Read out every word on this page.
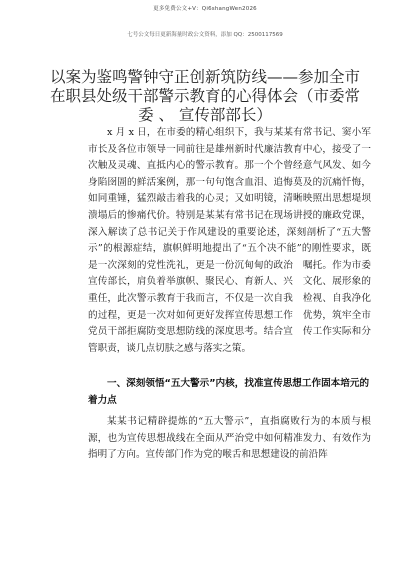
更多免费公文+V：Qi6shangWen2026
七号公文每日更新海量时政公文资料，添加 QQ：2500117569
以案为鉴鸣警钟守正创新筑防线——参加全市在职县处级干部警示教育的心得体会（市委常委 、 宣传部部长）

x 月 x 日，在市委的精心组织下，我与某某有常书记、窦小军市长及各位市领导一同前往是雄州新时代廉洁教育中心，接受了一次触及灵魂、直抵内心的警示教育。那一个个曾经意气风发、如今身陷囹圄的鲜活案例，那一句句饱含血泪、追悔莫及的沉痛忏悔，如同重锤，猛烈敲击着我的心灵；又如明镜，清晰映照出思想堤坝溃塌后的惨痛代价。特别是某某有常书记在现场讲授的廉政党课，深入解读了总书记关于作风建设的重要论述，深刻剖析了“五大警示”的根源症结，旗帜鲜明地提出了“五个决不能”的刚性要求，既是一次深刻的党性洗礼，更是一份沉甸甸的政治　嘱托。作为市委宣传部长，肩负着举旗帜、聚民心、育新人、兴　文化、展形象的重任，此次警示教育于我而言，不仅是一次自我　检视、自我净化的过程，更是一次对如何更好发挥宣传思想工作　优势，筑牢全市党员干部拒腐防变思想防线的深度思考。结合宣　传工作实际和分管职责，谈几点切肤之感与落实之策。

一、深刻领悟“五大警示”内核，找准宣传思想工作固本培元的着力点

某某书记精辟提炼的“五大警示”，直指腐败行为的本质与根源，也为宣传思想战线在全面从严治党中如何精准发力、有效作为指明了方向。宣传部门作为党的喉舌和思想建设的前沿阵
